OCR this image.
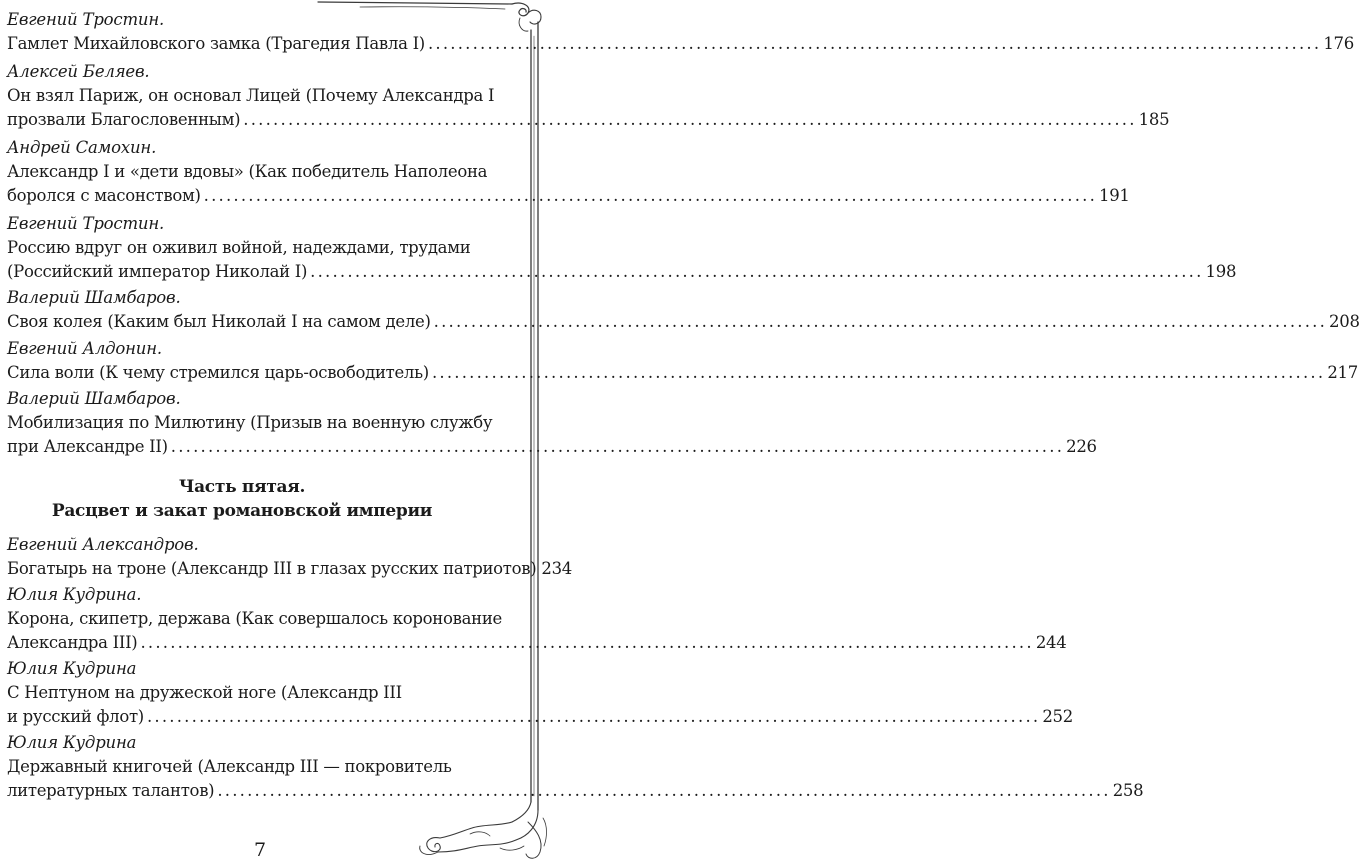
Евгений Тростин.
Гамлет Михайловского замка (Трагедия Павла I) ........................................................................................................................ 176
Алексей Беляев.
Он взял Париж, он основал Лицей (Почему Александра I
прозвали Благословенным) ........................................................................................................................ 185
Андрей Самохин.
Александр I и «дети вдовы» (Как победитель Наполеона
боролся с масонством) ........................................................................................................................ 191
Евгений Тростин.
Россию вдруг он оживил войной, надеждами, трудами
(Российский император Николай I) ........................................................................................................................ 198
Валерий Шамбаров.
Своя колея (Каким был Николай I на самом деле) ........................................................................................................................ 208
Евгений Алдонин.
Сила воли (К чему стремился царь-освободитель) ........................................................................................................................ 217
Валерий Шамбаров.
Мобилизация по Милютину (Призыв на военную службу
при Александре II) ........................................................................................................................ 226
Часть пятая.
Расцвет и закат романовской империи
Евгений Александров.
Богатырь на троне (Александр III в глазах русских патриотов) 234
Юлия Кудрина.
Корона, скипетр, держава (Как совершалось коронование
Александра III) ........................................................................................................................ 244
Юлия Кудрина
С Нептуном на дружеской ноге (Александр III
и русский флот) ........................................................................................................................ 252
Юлия Кудрина
Державный книгочей (Александр III — покровитель
литературных талантов) ........................................................................................................................ 258
7
